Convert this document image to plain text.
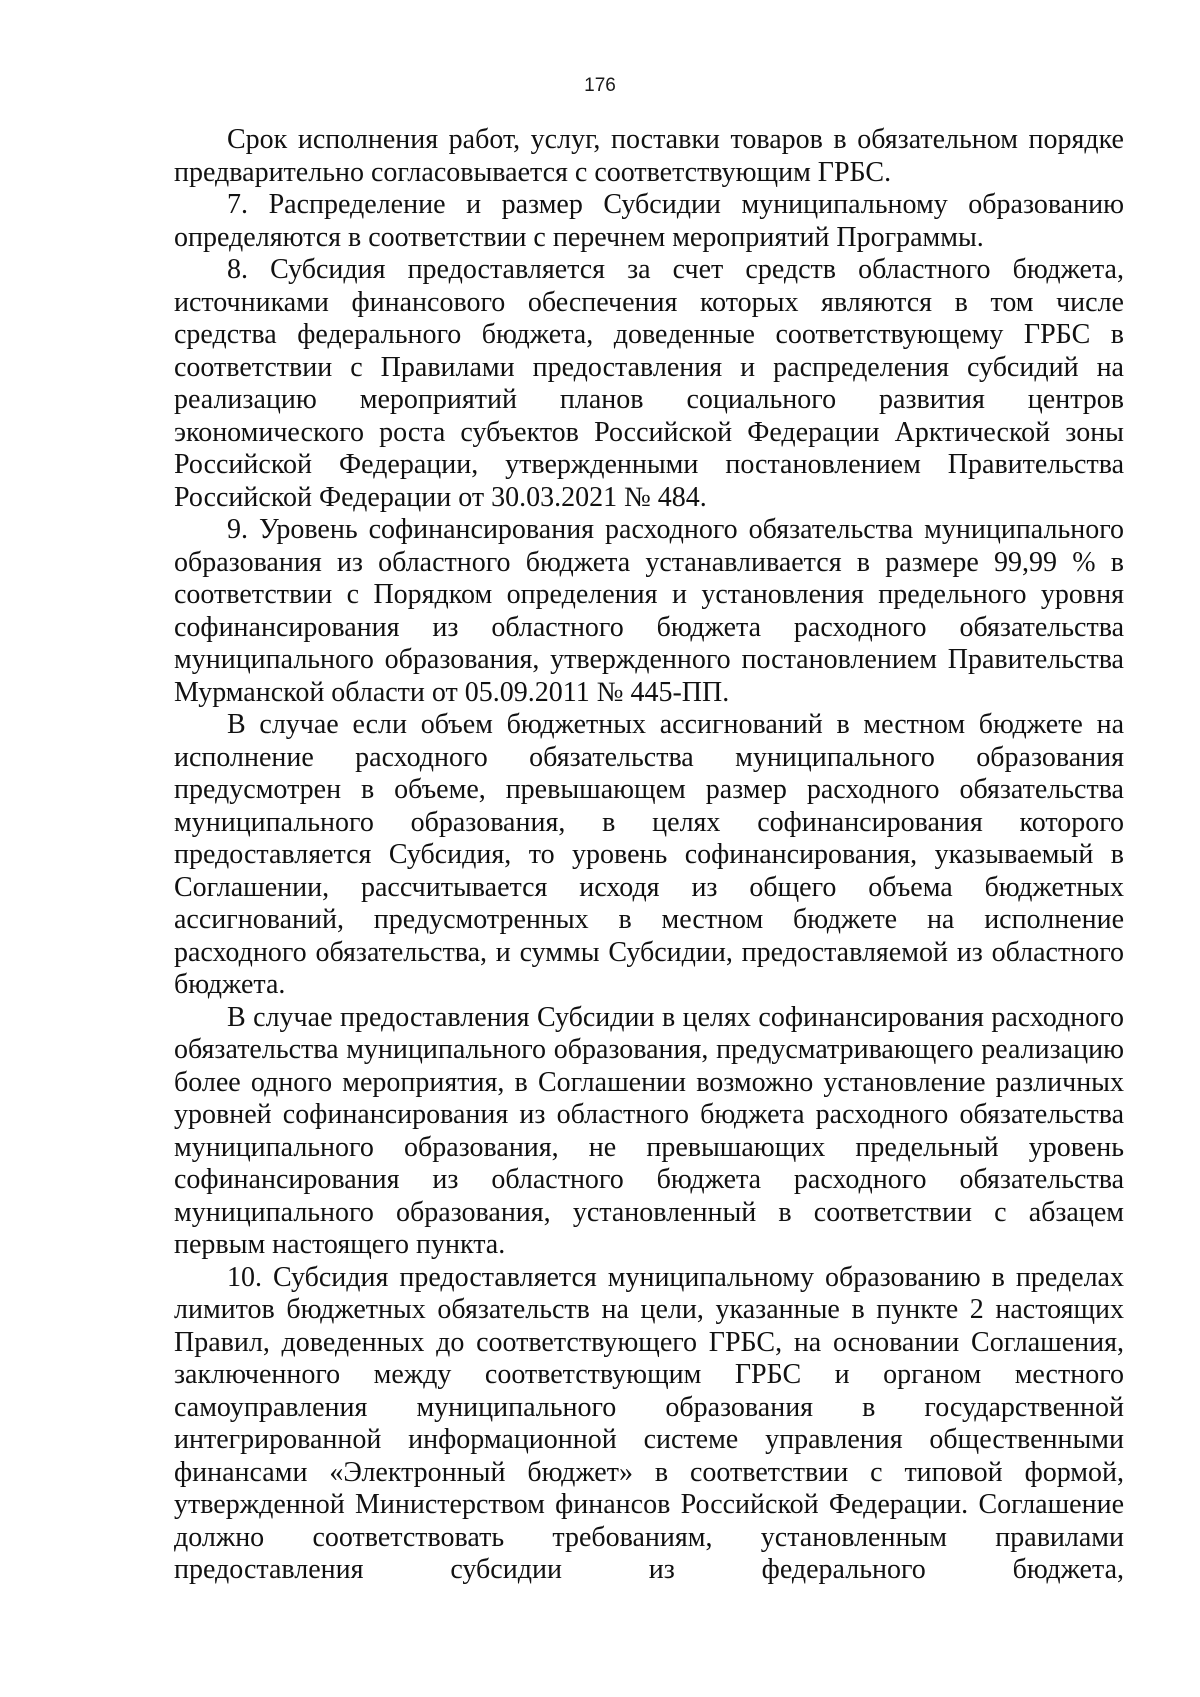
176

Срок исполнения работ, услуг, поставки товаров в обязательном порядке предварительно согласовывается с соответствующим ГРБС.

7. Распределение и размер Субсидии муниципальному образованию определяются в соответствии с перечнем мероприятий Программы.

8. Субсидия предоставляется за счет средств областного бюджета, источниками финансового обеспечения которых являются в том числе средства федерального бюджета, доведенные соответствующему ГРБС в соответствии с Правилами предоставления и распределения субсидий на реализацию мероприятий планов социального развития центров экономического роста субъектов Российской Федерации Арктической зоны Российской Федерации, утвержденными постановлением Правительства Российской Федерации от 30.03.2021 № 484.

9. Уровень софинансирования расходного обязательства муниципального образования из областного бюджета устанавливается в размере 99,99 % в соответствии с Порядком определения и установления предельного уровня софинансирования из областного бюджета расходного обязательства муниципального образования, утвержденного постановлением Правительства Мурманской области от 05.09.2011 № 445-ПП.

В случае если объем бюджетных ассигнований в местном бюджете на исполнение расходного обязательства муниципального образования предусмотрен в объеме, превышающем размер расходного обязательства муниципального образования, в целях софинансирования которого предоставляется Субсидия, то уровень софинансирования, указываемый в Соглашении, рассчитывается исходя из общего объема бюджетных ассигнований, предусмотренных в местном бюджете на исполнение расходного обязательства, и суммы Субсидии, предоставляемой из областного бюджета.

В случае предоставления Субсидии в целях софинансирования расходного обязательства муниципального образования, предусматривающего реализацию более одного мероприятия, в Соглашении возможно установление различных уровней софинансирования из областного бюджета расходного обязательства муниципального образования, не превышающих предельный уровень софинансирования из областного бюджета расходного обязательства муниципального образования, установленный в соответствии с абзацем первым настоящего пункта.

10. Субсидия предоставляется муниципальному образованию в пределах лимитов бюджетных обязательств на цели, указанные в пункте 2 настоящих Правил, доведенных до соответствующего ГРБС, на основании Соглашения, заключенного между соответствующим ГРБС и органом местного самоуправления муниципального образования в государственной интегрированной информационной системе управления общественными финансами «Электронный бюджет» в соответствии с типовой формой, утвержденной Министерством финансов Российской Федерации. Соглашение должно соответствовать требованиям, установленным правилами предоставления субсидии из федерального бюджета,
